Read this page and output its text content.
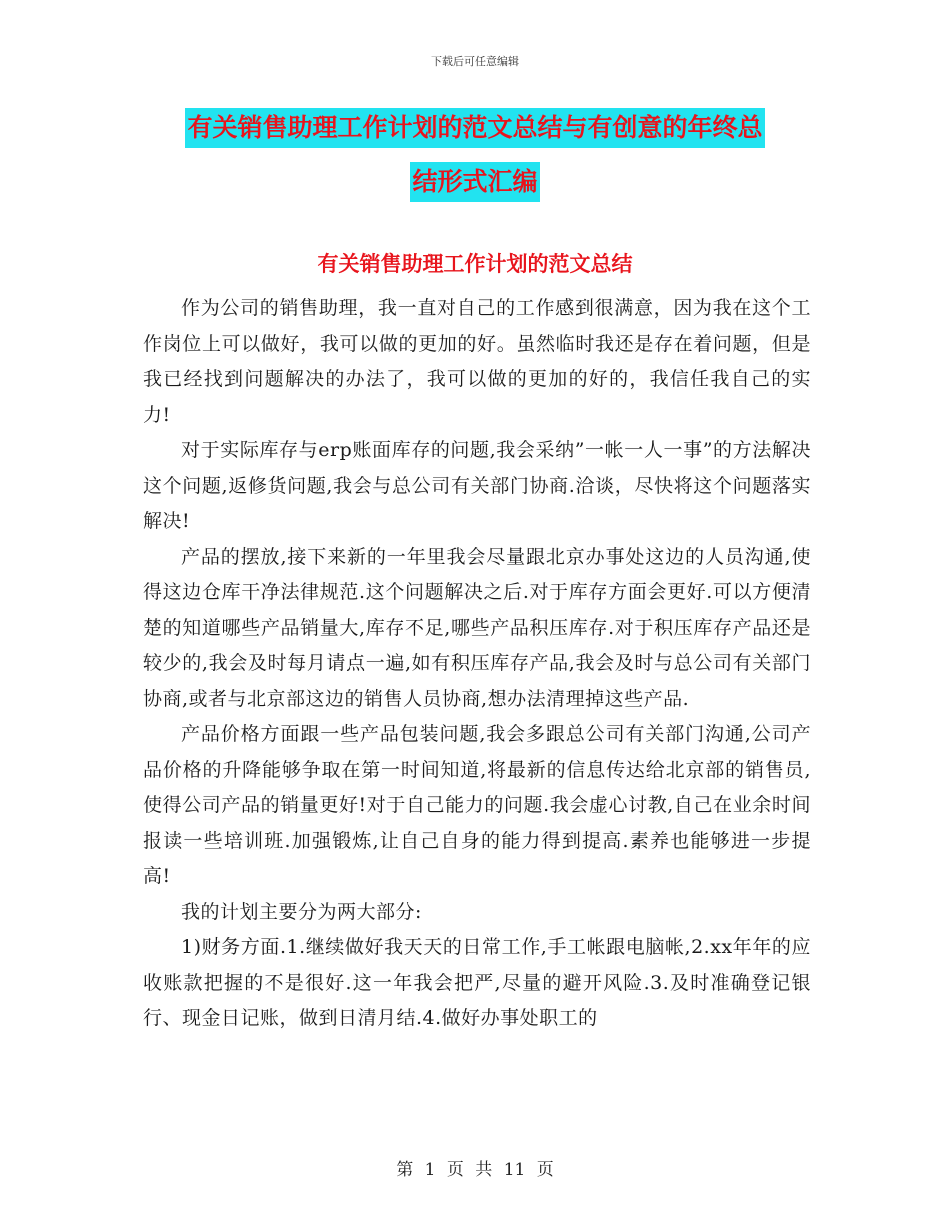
下载后可任意编辑
有关销售助理工作计划的范文总结与有创意的年终总
结形式汇编
有关销售助理工作计划的范文总结

作为公司的销售助理，我一直对自己的工作感到很满意，因为我在这个工作岗位上可以做好，我可以做的更加的好。虽然临时我还是存在着问题，但是我已经找到问题解决的办法了，我可以做的更加的好的，我信任我自己的实力!

对于实际库存与erp账面库存的问题,我会采纳”一帐一人一事”的方法解决这个问题,返修货问题,我会与总公司有关部门协商.洽谈，尽快将这个问题落实解决!

产品的摆放,接下来新的一年里我会尽量跟北京办事处这边的人员沟通,使得这边仓库干净法律规范.这个问题解决之后.对于库存方面会更好.可以方便清楚的知道哪些产品销量大,库存不足,哪些产品积压库存.对于积压库存产品还是较少的,我会及时每月请点一遍,如有积压库存产品,我会及时与总公司有关部门协商,或者与北京部这边的销售人员协商,想办法清理掉这些产品.

产品价格方面跟一些产品包装问题,我会多跟总公司有关部门沟通,公司产品价格的升降能够争取在第一时间知道,将最新的信息传达给北京部的销售员,使得公司产品的销量更好!对于自己能力的问题.我会虚心讨教,自己在业余时间报读一些培训班.加强锻炼,让自己自身的能力得到提高.素养也能够进一步提高!

我的计划主要分为两大部分:

1)财务方面.1.继续做好我天天的日常工作,手工帐跟电脑帐,2.xx年年的应收账款把握的不是很好.这一年我会把严,尽量的避开风险.3.及时准确登记银行、现金日记账，做到日清月结.4.做好办事处职工的

第 1 页 共 11 页
